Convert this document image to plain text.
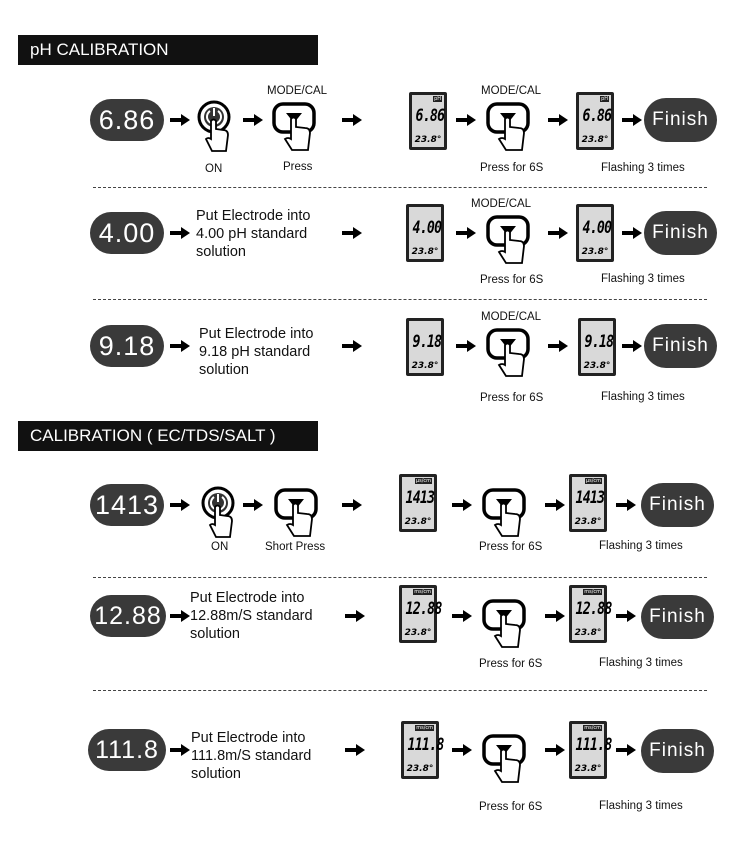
pH CALIBRATION
6.86
ON
MODE/CAL
Press
pH
6.86
23.8°
MODE/CAL
Press for 6S
pH
6.86
23.8°
Finish
Flashing 3 times
4.00
Put Electrode into
4.00 pH standard
solution
4.00
23.8°
MODE/CAL
Press for 6S
4.00
23.8°
Finish
Flashing 3 times
9.18	Put Electrode into
9.18 pH standard
solution
9.18
23.8°
MODE/CAL
Press for 6S
9.18
23.8°
Finish
Flashing 3 times
CALIBRATION ( EC/TDS/SALT )
1413
ON	Short Press
µs/cm
1413
23.8°
Press for 6S
µs/cm
1413
23.8°
Finish
Flashing 3 times
12.88
Put Electrode into
12.88m/S standard
solution
ms/cm
12.88
23.8°
Press for 6S
ms/cm
12.88
23.8°
Finish
Flashing 3 times
111.8	Put Electrode into
111.8m/S standard
solution
ms/cm
111.8
23.8°
Press for 6S
ms/cm
111.8
23.8°
Finish
Flashing 3 times
